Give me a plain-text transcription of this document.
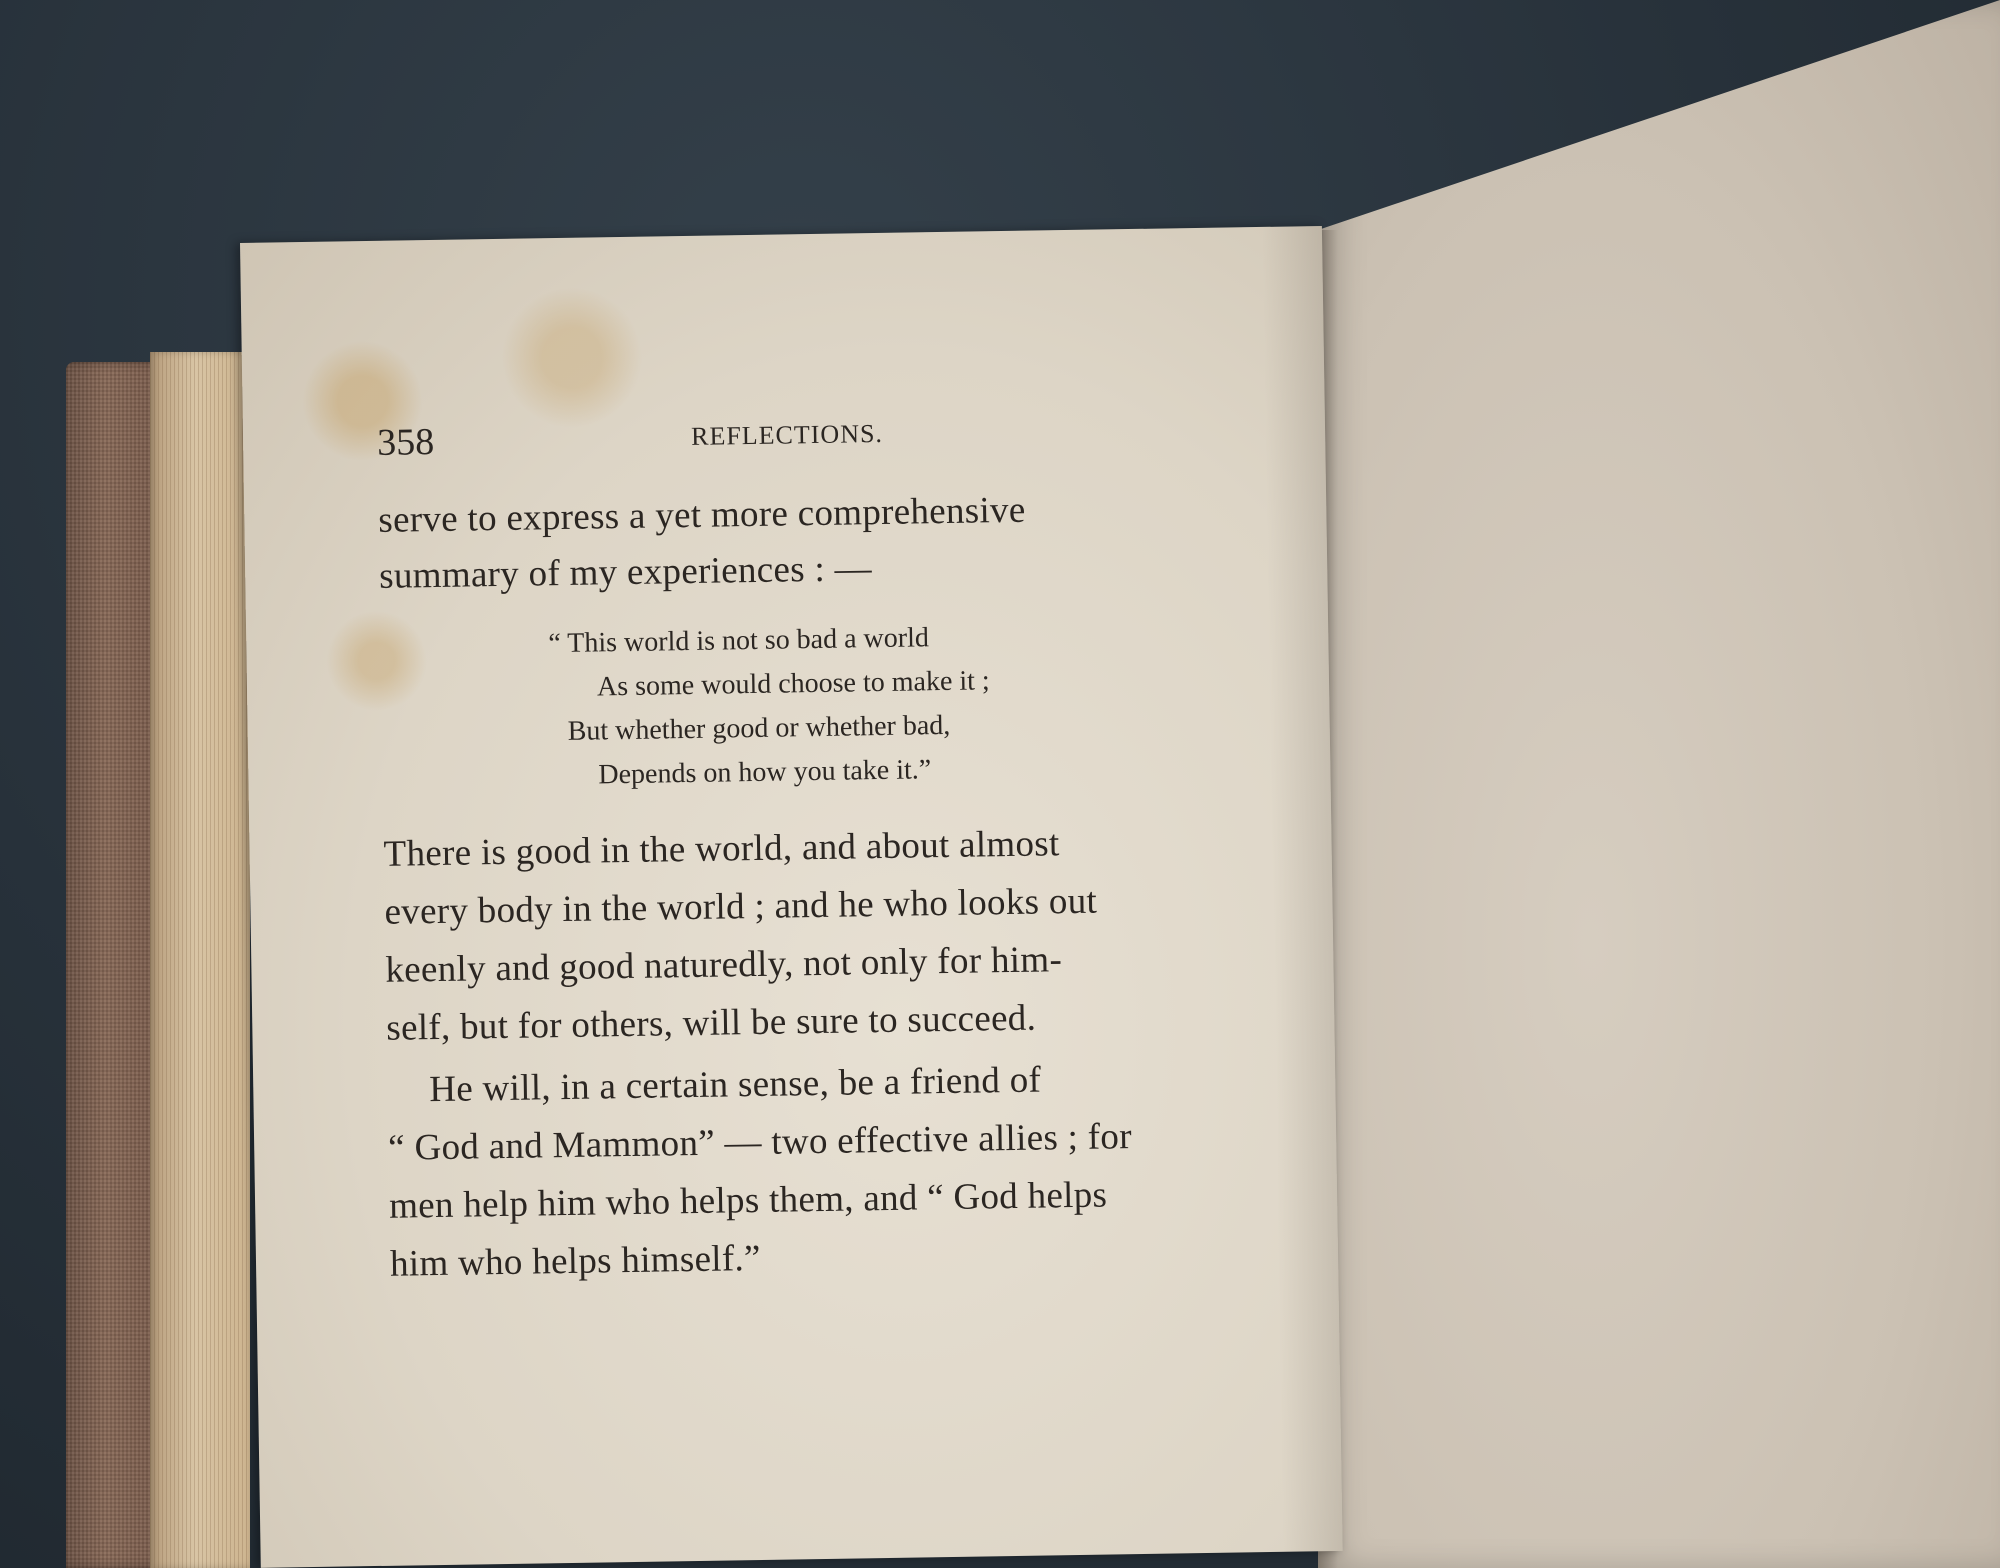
358	REFLECTIONS.
serve to express a yet more comprehensive
summary of my experiences : —
“ This world is not so bad a world
As some would choose to make it ;
But whether good or whether bad,
Depends on how you take it.”
There is good in the world, and about almost
every body in the world ; and he who looks out
keenly and good naturedly, not only for him-
self, but for others, will be sure to succeed.
He will, in a certain sense, be a friend of
“ God and Mammon” — two effective allies ; for
men help him who helps them, and “ God helps
him who helps himself.”
